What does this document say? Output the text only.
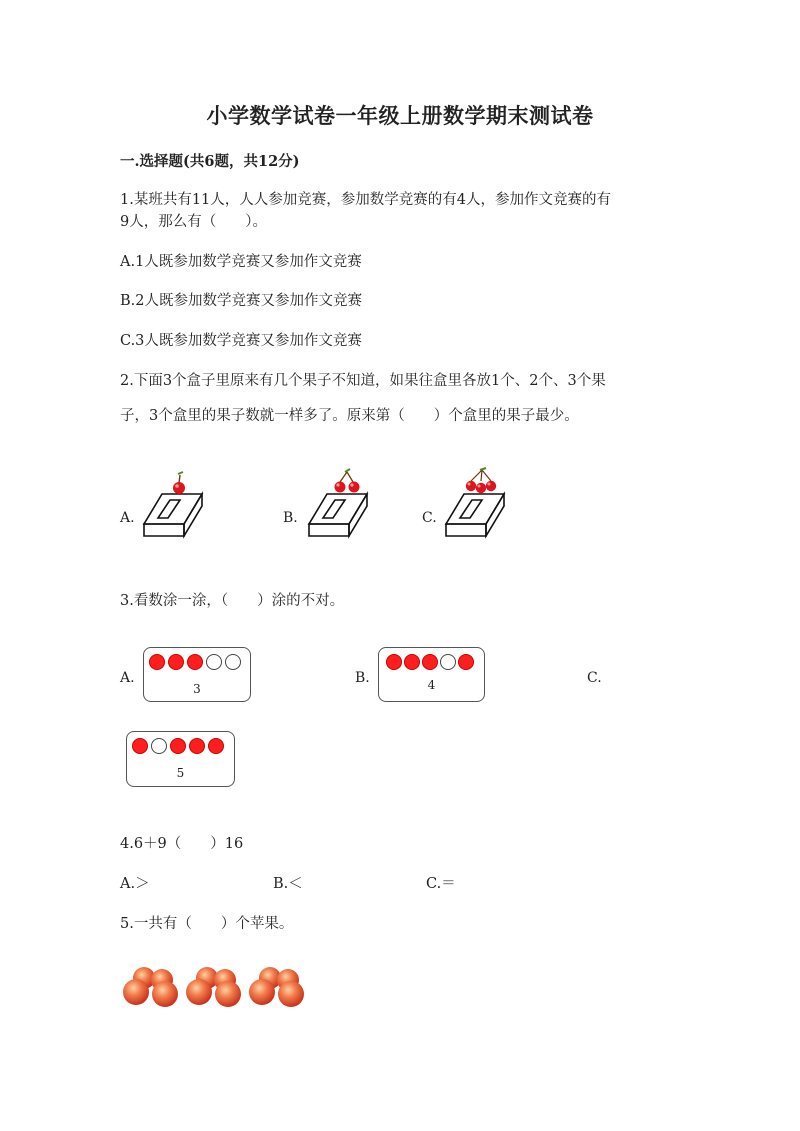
小学数学试卷一年级上册数学期末测试卷
一.选择题(共6题，共12分)
1.某班共有11人，人人参加竞赛，参加数学竞赛的有4人，参加作文竞赛的有
9人，那么有（　　）。
A.1人既参加数学竞赛又参加作文竞赛
B.2人既参加数学竞赛又参加作文竞赛
C.3人既参加数学竞赛又参加作文竞赛
2.下面3个盒子里原来有几个果子不知道，如果往盒里各放1个、2个、3个果
子，3个盒里的果子数就一样多了。原来第（　　）个盒里的果子最少。
A.	B.	C.
3.看数涂一涂，（　　）涂的不对。
A.	B.	C.
3	4
5
4.6＋9（　　）16
A.＞	B.＜	C.＝
5.一共有（　　）个苹果。
